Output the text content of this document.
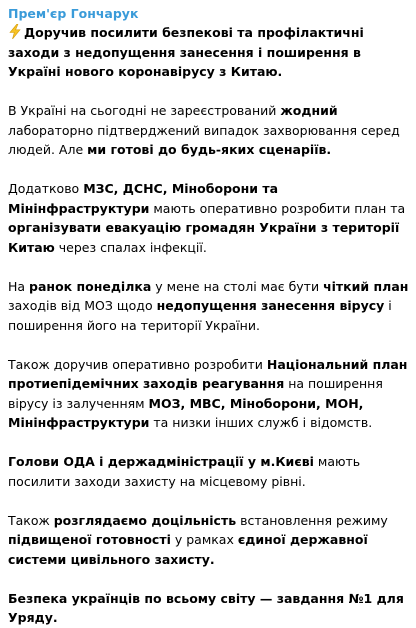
Прем'єр Гончарук

Доручив посилити безпекові та профілактичні заходи з недопущення занесення і поширення в Україні нового коронавірусу з Китаю.

В Україні на сьогодні не зареєстрований жодний лабораторно підтверджений випадок захворювання серед людей. Але ми готові до будь-яких сценаріїв.

Додатково МЗС, ДСНС, Міноборони та Мінінфраструктури мають оперативно розробити план та організувати евакуацію громадян України з території Китаю через спалах інфекції.

На ранок понеділка у мене на столі має бути чіткий план заходів від МОЗ щодо недопущення занесення вірусу і поширення його на території України.

Також доручив оперативно розробити Національний план протиепідемічних заходів реагування на поширення вірусу із залученням МОЗ, МВС, Міноборони, МОН, Мінінфраструктури та низки інших служб і відомств.

Голови ОДА і держадміністрації у м.Києві мають посилити заходи захисту на місцевому рівні.

Також розглядаємо доцільність встановлення режиму підвищеної готовності у рамках єдиної державної системи цивільного захисту.

Безпека українців по всьому світу — завдання №1 для Уряду.
